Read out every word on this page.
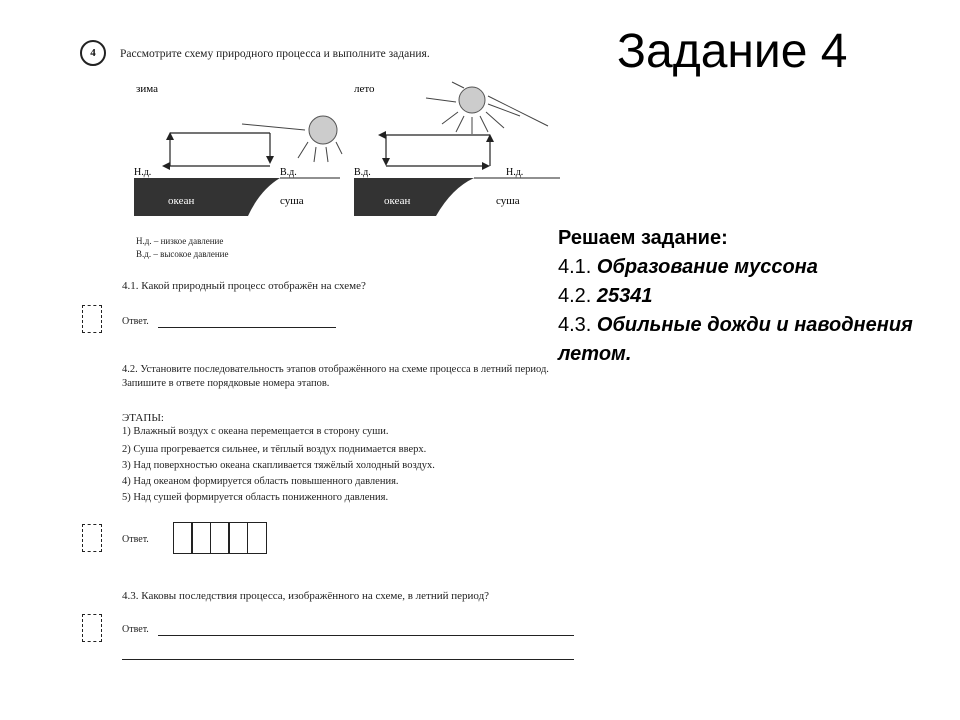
Задание 4
Решаем задание:
4.1. Образование муссона
4.2. 25341
4.3. Обильные дожди и наводнения летом.
4	Рассмотрите схему природного процесса и выполните задания.
зима
океан	суша
Н.д.	В.д.
лето
океан	суша
В.д.	Н.д.
Н.д. – низкое давление
В.д. – высокое давление
4.1. Какой природный процесс отображён на схеме?
Ответ.
4.2. Установите последовательность этапов отображённого на схеме процесса в летний период.
Запишите в ответе порядковые номера этапов.
ЭТАПЫ:
1) Влажный воздух с океана перемещается в сторону суши.
2) Суша прогревается сильнее, и тёплый воздух поднимается вверх.
3) Над поверхностью океана скапливается тяжёлый холодный воздух.
4) Над океаном формируется область повышенного давления.
5) Над сушей формируется область пониженного давления.
Ответ.
4.3. Каковы последствия процесса, изображённого на схеме, в летний период?
Ответ.
